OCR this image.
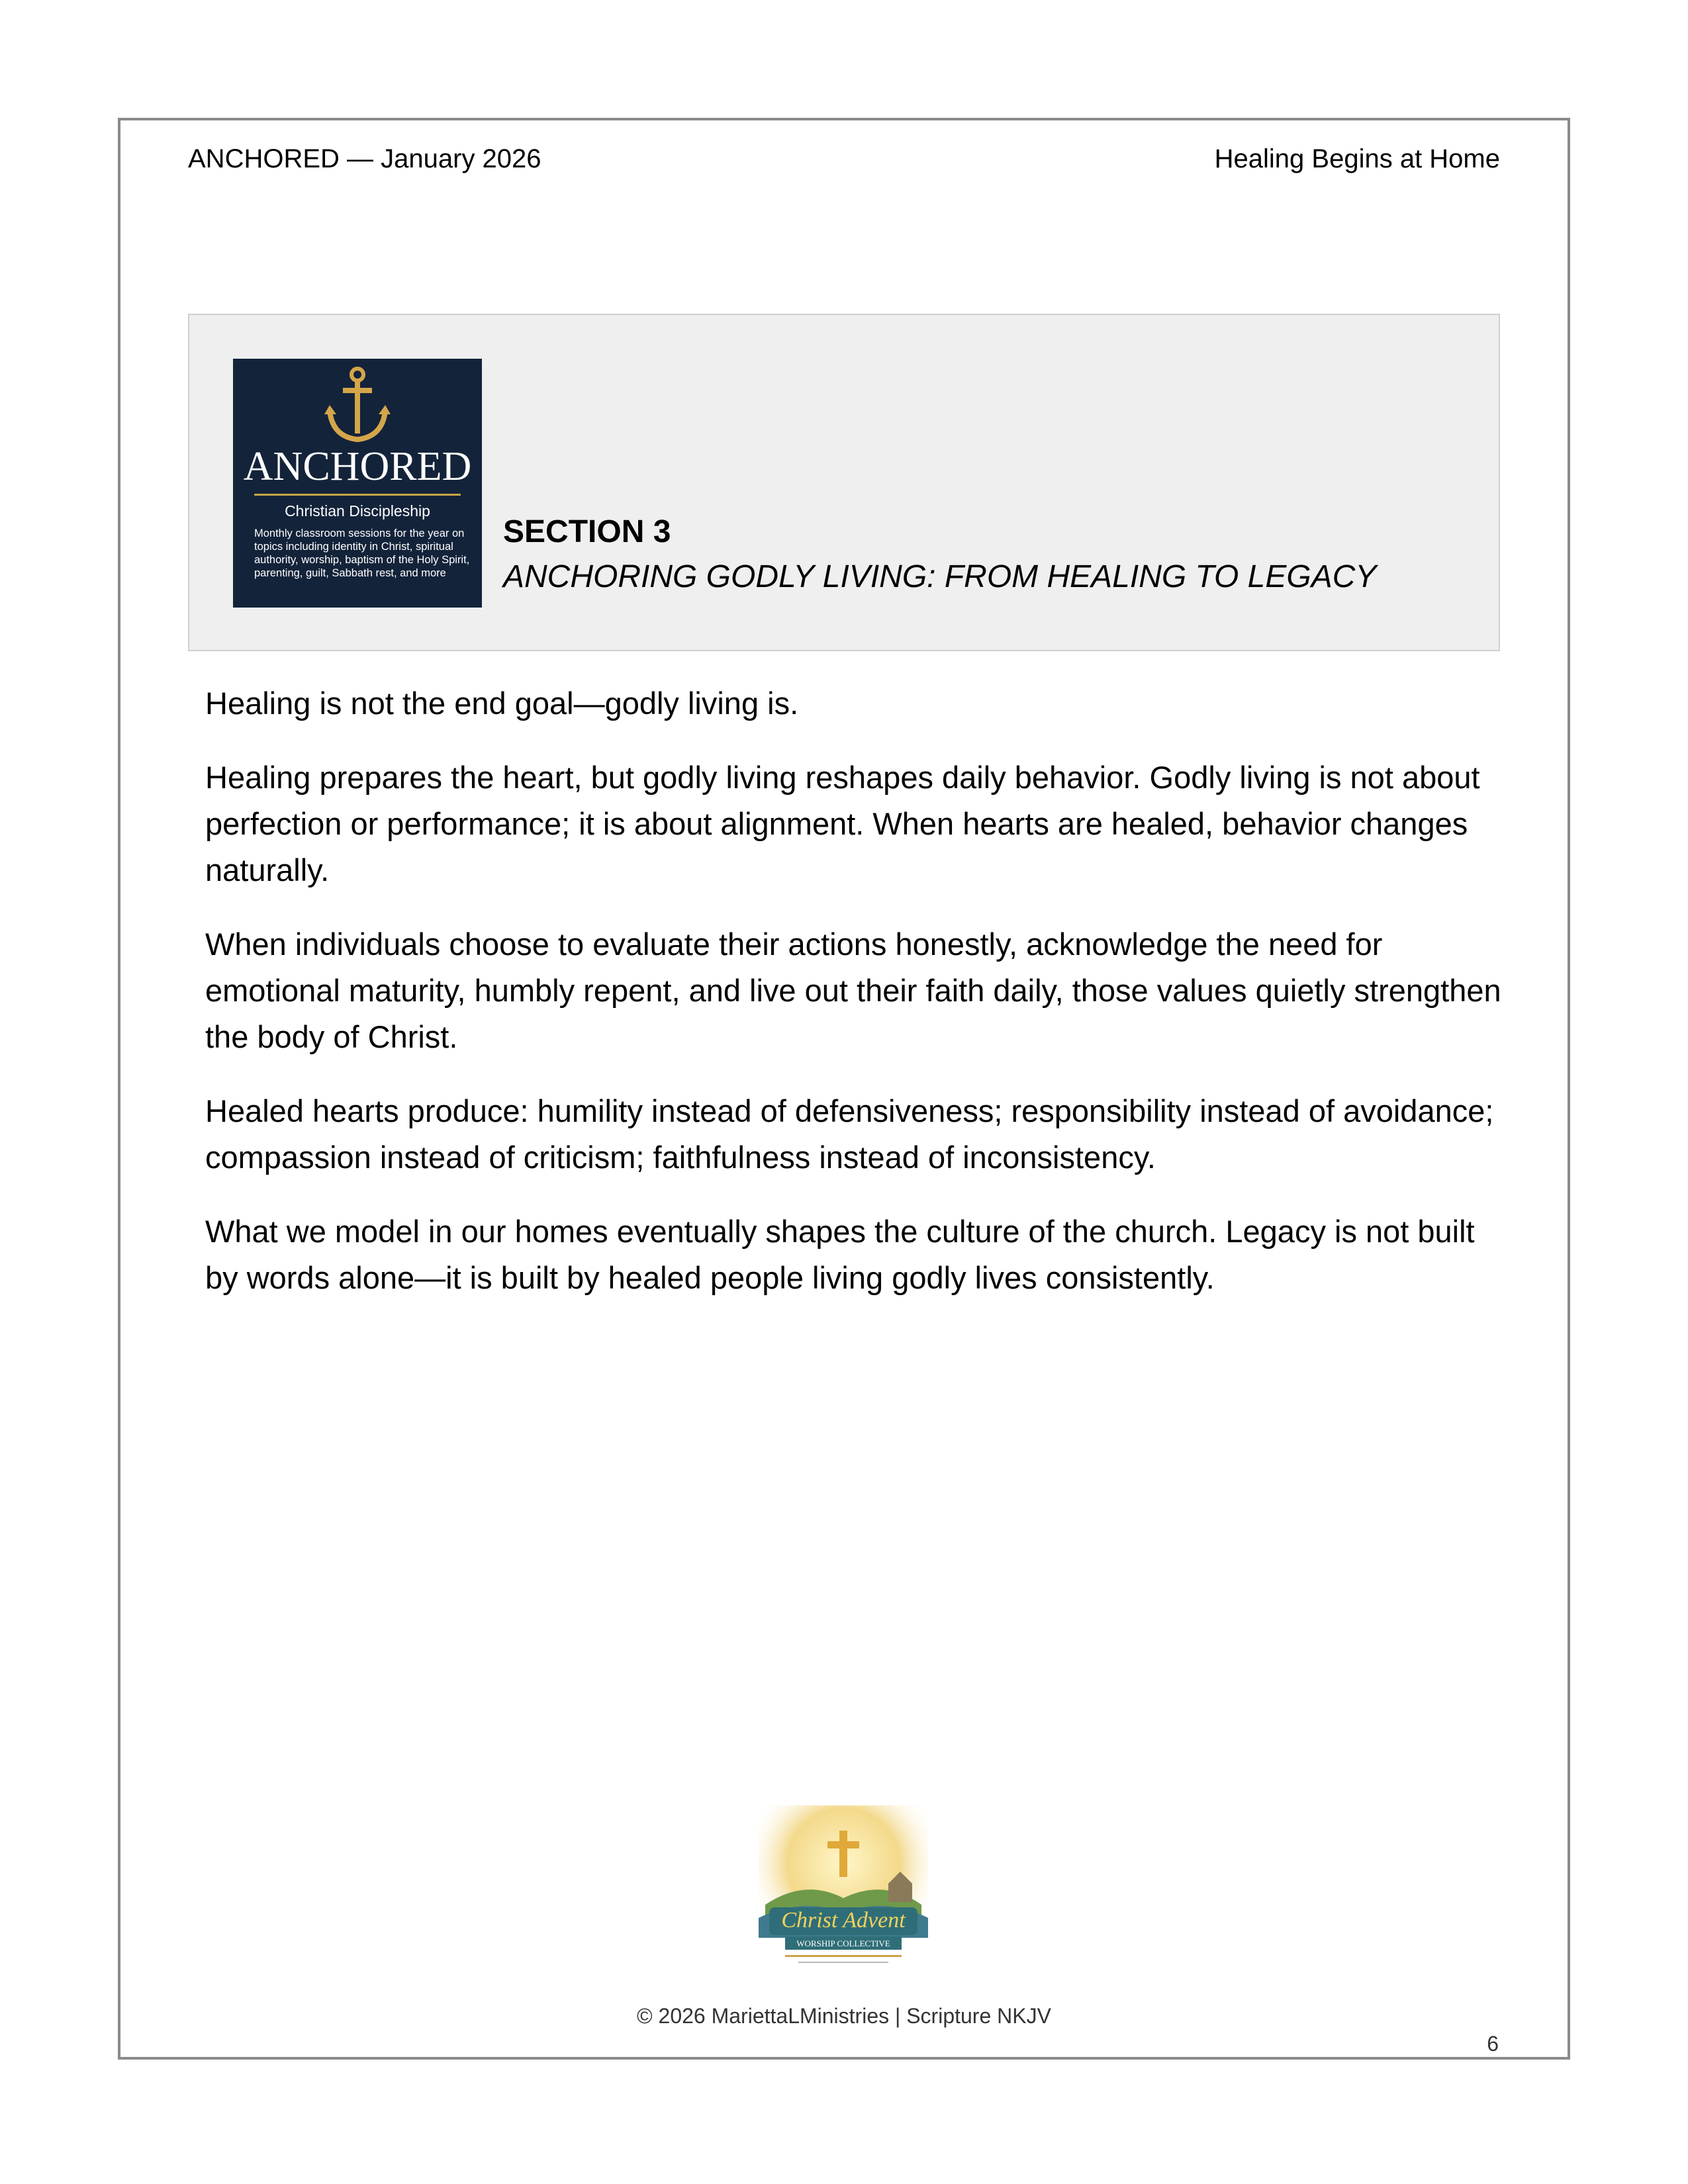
ANCHORED — January 2026	Healing Begins at Home
ANCHORED
Christian Discipleship
Monthly classroom sessions for the year on topics including identity in Christ, spiritual authority, worship, baptism of the Holy Spirit, parenting, guilt, Sabbath rest, and more
SECTION 3
ANCHORING GODLY LIVING: FROM HEALING TO LEGACY

Healing is not the end goal—godly living is.

Healing prepares the heart, but godly living reshapes daily behavior. Godly living is not about perfection or performance; it is about alignment. When hearts are healed, behavior changes naturally.

When individuals choose to evaluate their actions honestly, acknowledge the need for emotional maturity, humbly repent, and live out their faith daily, those values quietly strengthen the body of Christ.

Healed hearts produce: humility instead of defensiveness; responsibility instead of avoidance; compassion instead of criticism; faithfulness instead of inconsistency.

What we model in our homes eventually shapes the culture of the church. Legacy is not built by words alone—it is built by healed people living godly lives consistently.

Christ Advent
WORSHIP COLLECTIVE
© 2026 MariettaLMinistries | Scripture NKJV
6
